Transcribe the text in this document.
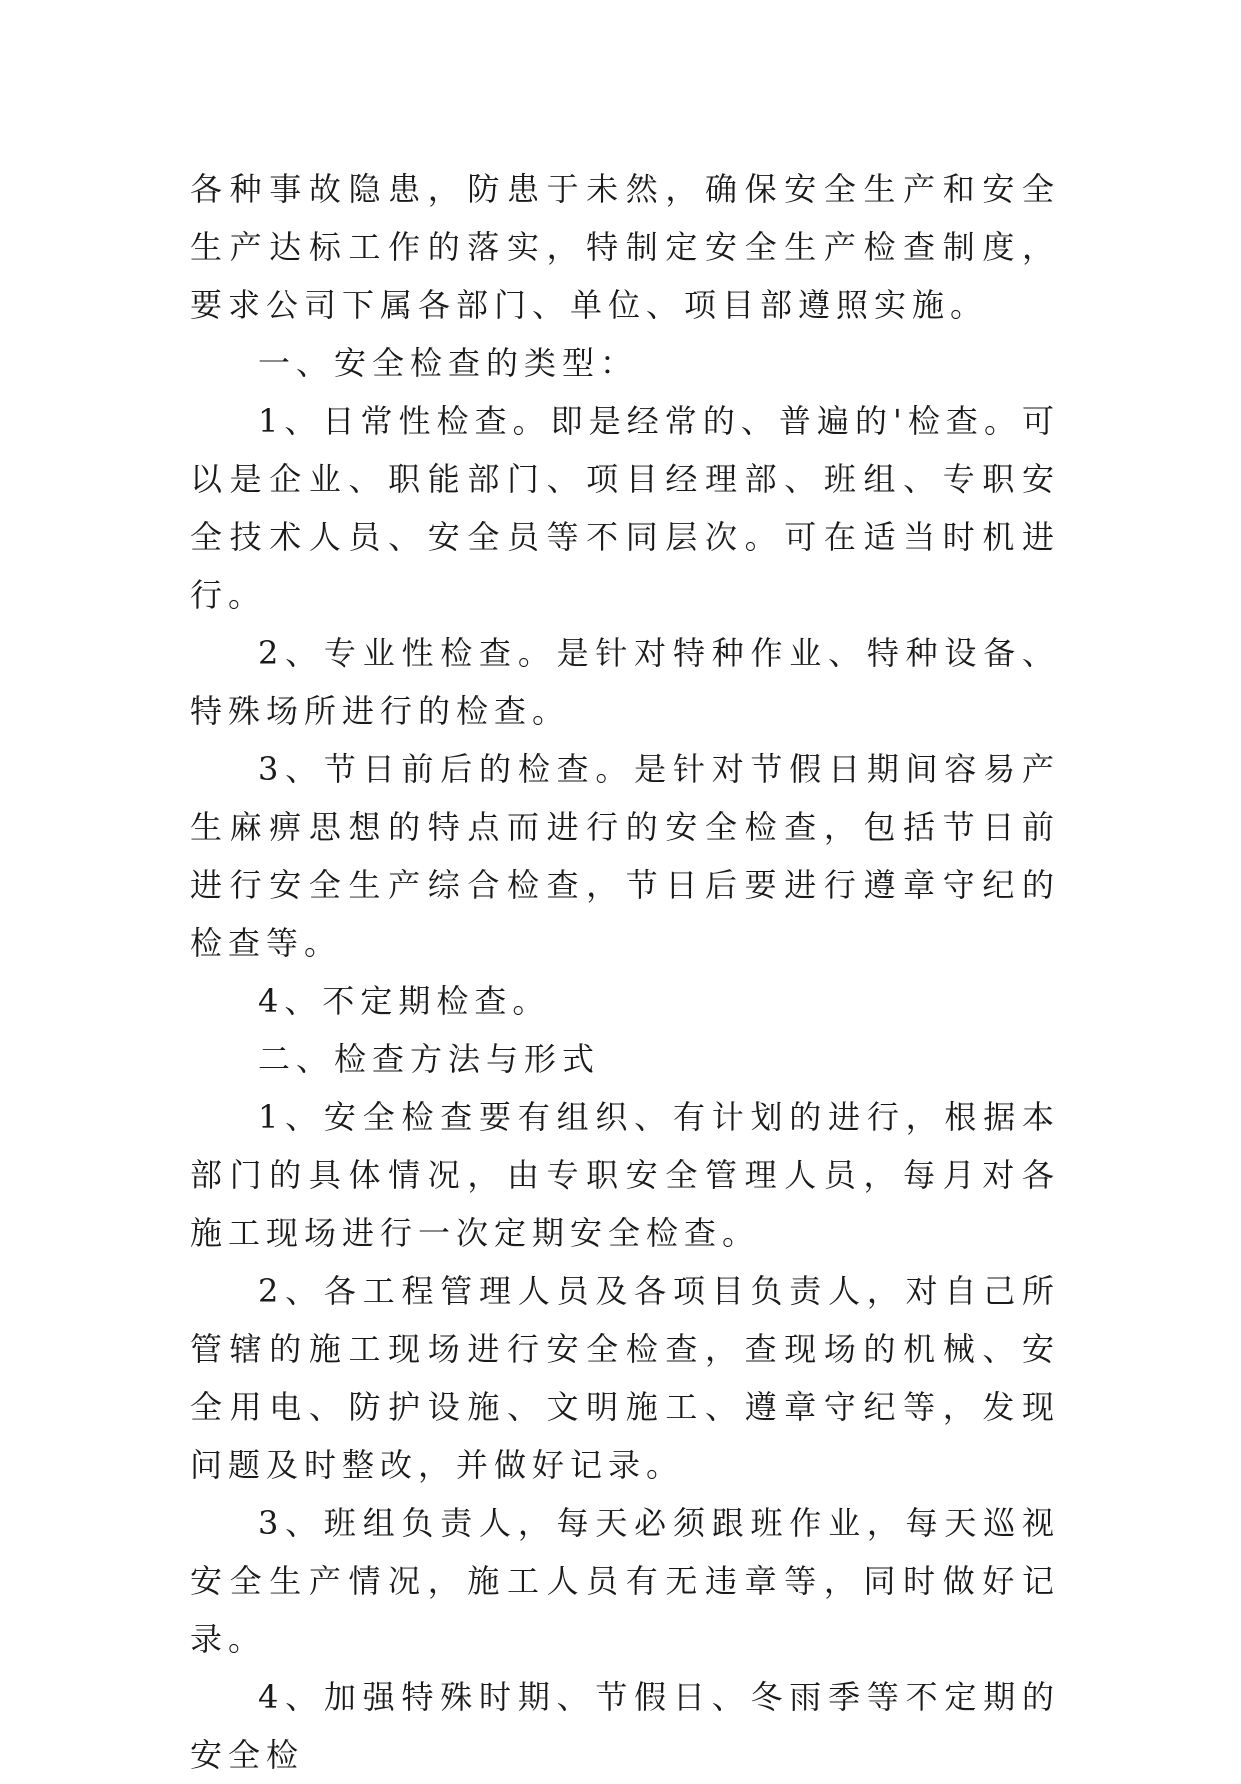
各种事故隐患，防患于未然，确保安全生产和安全生产达标工作的落实，特制定安全生产检查制度，要求公司下属各部门、单位、项目部遵照实施。

一、安全检查的类型：

1、日常性检查。即是经常的、普遍的'检查。可以是企业、职能部门、项目经理部、班组、专职安全技术人员、安全员等不同层次。可在适当时机进行。

2、专业性检查。是针对特种作业、特种设备、特殊场所进行的检查。

3、节日前后的检查。是针对节假日期间容易产生麻痹思想的特点而进行的安全检查，包括节日前进行安全生产综合检查，节日后要进行遵章守纪的检查等。

4、不定期检查。

二、检查方法与形式

1、安全检查要有组织、有计划的进行，根据本部门的具体情况，由专职安全管理人员，每月对各施工现场进行一次定期安全检查。

2、各工程管理人员及各项目负责人，对自己所管辖的施工现场进行安全检查，查现场的机械、安全用电、防护设施、文明施工、遵章守纪等，发现问题及时整改，并做好记录。

3、班组负责人，每天必须跟班作业，每天巡视安全生产情况，施工人员有无违章等，同时做好记录。

4、加强特殊时期、节假日、冬雨季等不定期的安全检
